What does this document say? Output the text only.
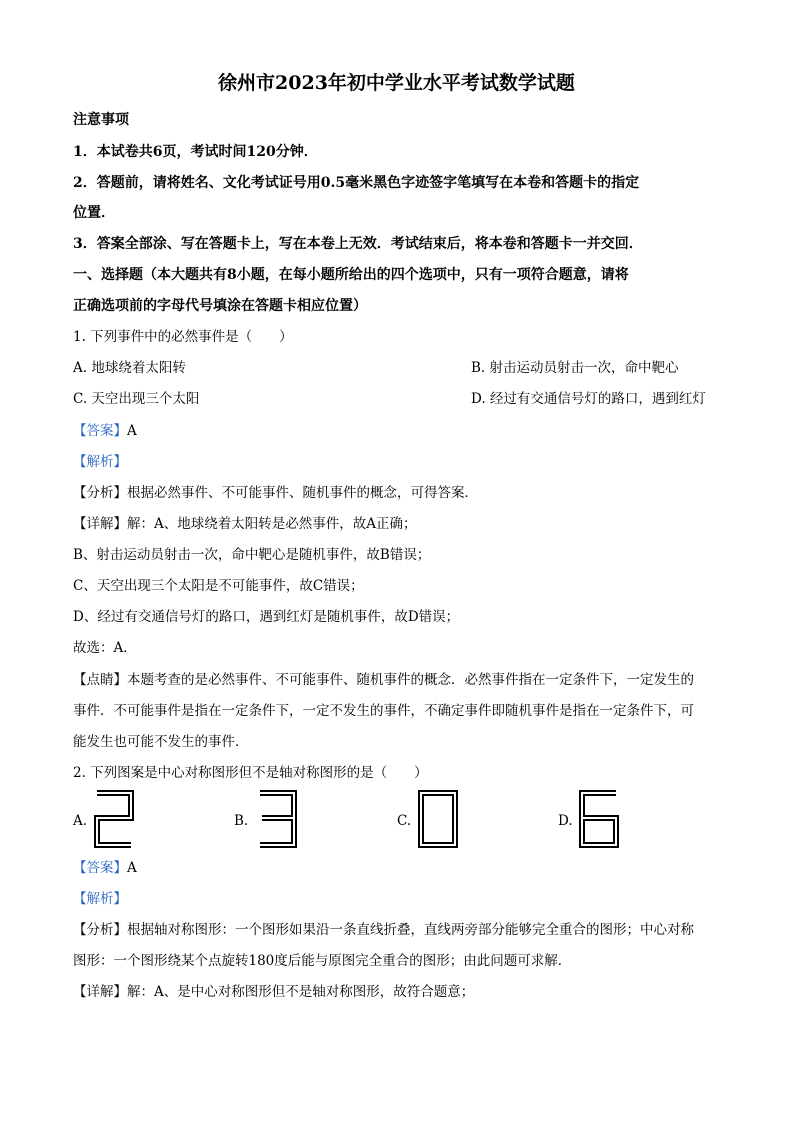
徐州市2023年初中学业水平考试数学试题
注意事项
1．本试卷共6页，考试时间120分钟．
2．答题前，请将姓名、文化考试证号用0.5毫米黑色字迹签字笔填写在本卷和答题卡的指定
位置．
3．答案全部涂、写在答题卡上，写在本卷上无效．考试结束后，将本卷和答题卡一并交回．
一、选择题（本大题共有8小题，在每小题所给出的四个选项中，只有一项符合题意，请将
正确选项前的字母代号填涂在答题卡相应位置）
1. 下列事件中的必然事件是（　　）
A. 地球绕着太阳转	B. 射击运动员射击一次，命中靶心
C. 天空出现三个太阳	D. 经过有交通信号灯的路口，遇到红灯
【答案】A
【解析】
【分析】根据必然事件、不可能事件、随机事件的概念，可得答案．
【详解】解：A、地球绕着太阳转是必然事件，故A正确；
B、射击运动员射击一次，命中靶心是随机事件，故B错误；
C、天空出现三个太阳是不可能事件，故C错误；
D、经过有交通信号灯的路口，遇到红灯是随机事件，故D错误；
故选：A．
【点睛】本题考查的是必然事件、不可能事件、随机事件的概念．必然事件指在一定条件下，一定发生的
事件．不可能事件是指在一定条件下，一定不发生的事件，不确定事件即随机事件是指在一定条件下，可
能发生也可能不发生的事件．
2. 下列图案是中心对称图形但不是轴对称图形的是（　　）
A.	B.	C.	D.
【答案】A
【解析】
【分析】根据轴对称图形：一个图形如果沿一条直线折叠，直线两旁部分能够完全重合的图形；中心对称
图形：一个图形绕某个点旋转180度后能与原图完全重合的图形；由此问题可求解．
【详解】解：A、是中心对称图形但不是轴对称图形，故符合题意；
